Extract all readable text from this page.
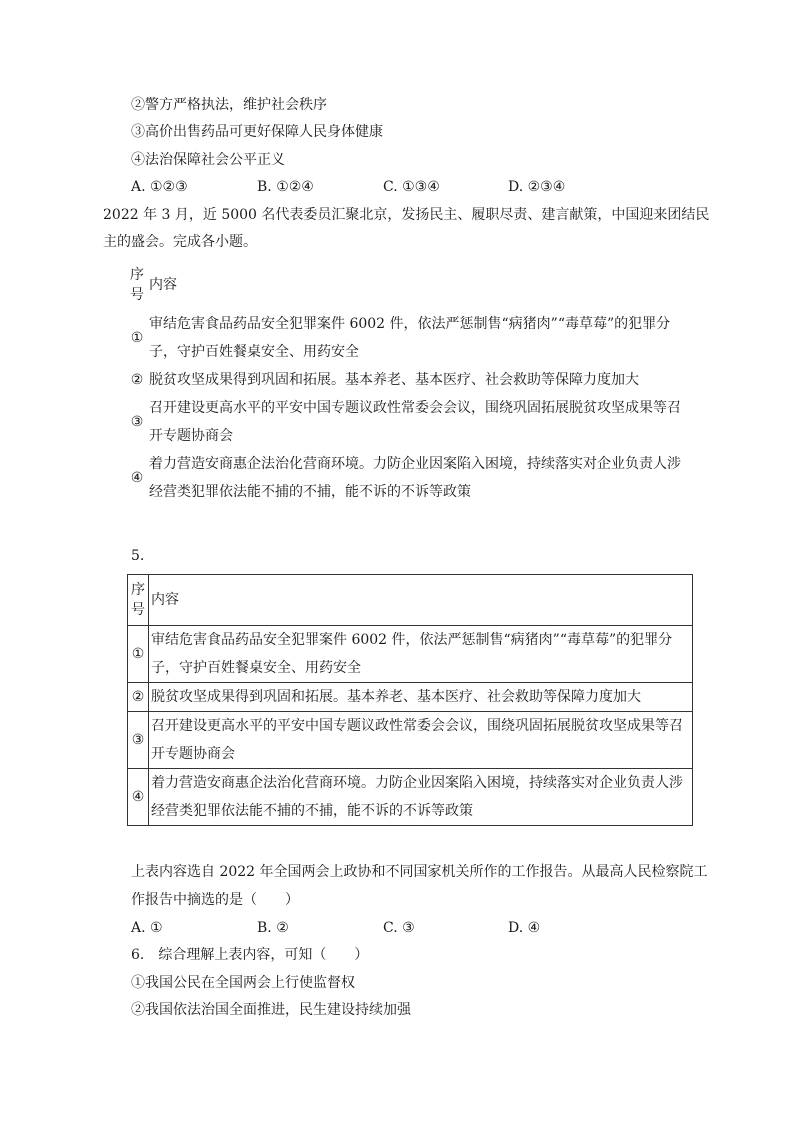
②警方严格执法，维护社会秩序
③高价出售药品可更好保障人民身体健康
④法治保障社会公平正义
A. ①②③	B. ①②④	C. ①③④	D. ②③④
2022 年 3 月，近 5000 名代表委员汇聚北京，发扬民主、履职尽责、建言献策，中国迎来团结民
主的盛会。完成各小题。
序
号	内容
①	审结危害食品药品安全犯罪案件 6002 件，依法严惩制售“病猪肉”“毒草莓”的犯罪分子，守护百姓餐桌安全、用药安全
②	脱贫攻坚成果得到巩固和拓展。基本养老、基本医疗、社会救助等保障力度加大
③	召开建设更高水平的平安中国专题议政性常委会会议，围绕巩固拓展脱贫攻坚成果等召开专题协商会
④	着力营造安商惠企法治化营商环境。力防企业因案陷入困境，持续落实对企业负责人涉经营类犯罪依法能不捕的不捕，能不诉的不诉等政策
5.
序
号	内容
①	审结危害食品药品安全犯罪案件 6002 件，依法严惩制售“病猪肉”“毒草莓”的犯罪分子，守护百姓餐桌安全、用药安全
②	脱贫攻坚成果得到巩固和拓展。基本养老、基本医疗、社会救助等保障力度加大
③	召开建设更高水平的平安中国专题议政性常委会会议，围绕巩固拓展脱贫攻坚成果等召开专题协商会
④	着力营造安商惠企法治化营商环境。力防企业因案陷入困境，持续落实对企业负责人涉经营类犯罪依法能不捕的不捕，能不诉的不诉等政策
上表内容选自 2022 年全国两会上政协和不同国家机关所作的工作报告。从最高人民检察院工
作报告中摘选的是（　　）
A. ①	B. ②	C. ③	D. ④
6.　综合理解上表内容，可知（　　）
①我国公民在全国两会上行使监督权
②我国依法治国全面推进，民生建设持续加强
